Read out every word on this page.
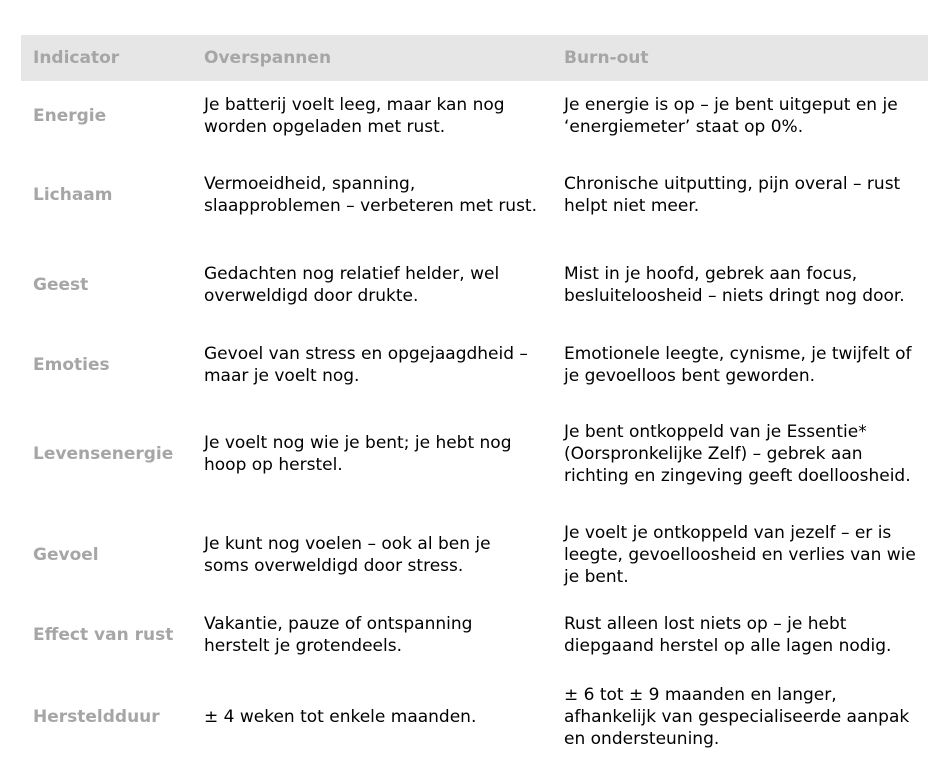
Indicator	Overspannen	Burn-out
Energie	Je batterij voelt leeg, maar kan nog worden opgeladen met rust.	Je energie is op – je bent uitgeput en je ‘energiemeter’ staat op 0%.
Lichaam	Vermoeidheid, spanning, slaapproblemen – verbeteren met rust.	Chronische uitputting, pijn overal – rust helpt niet meer.
Geest	Gedachten nog relatief helder, wel overweldigd door drukte.	Mist in je hoofd, gebrek aan focus, besluiteloosheid – niets dringt nog door.
Emoties	Gevoel van stress en opgejaagdheid – maar je voelt nog.	Emotionele leegte, cynisme, je twijfelt of je gevoelloos bent geworden.
Levensenergie	Je voelt nog wie je bent; je hebt nog hoop op herstel.	Je bent ontkoppeld van je Essentie* (Oorspronkelijke Zelf) – gebrek aan richting en zingeving geeft doelloosheid.
Gevoel	Je kunt nog voelen – ook al ben je soms overweldigd door stress.	Je voelt je ontkoppeld van jezelf – er is leegte, gevoelloosheid en verlies van wie je bent.
Effect van rust	Vakantie, pauze of ontspanning herstelt je grotendeels.	Rust alleen lost niets op – je hebt diepgaand herstel op alle lagen nodig.
Hersteldduur	± 4 weken tot enkele maanden.	± 6 tot ± 9 maanden en langer, afhankelijk van gespecialiseerde aanpak en ondersteuning.
